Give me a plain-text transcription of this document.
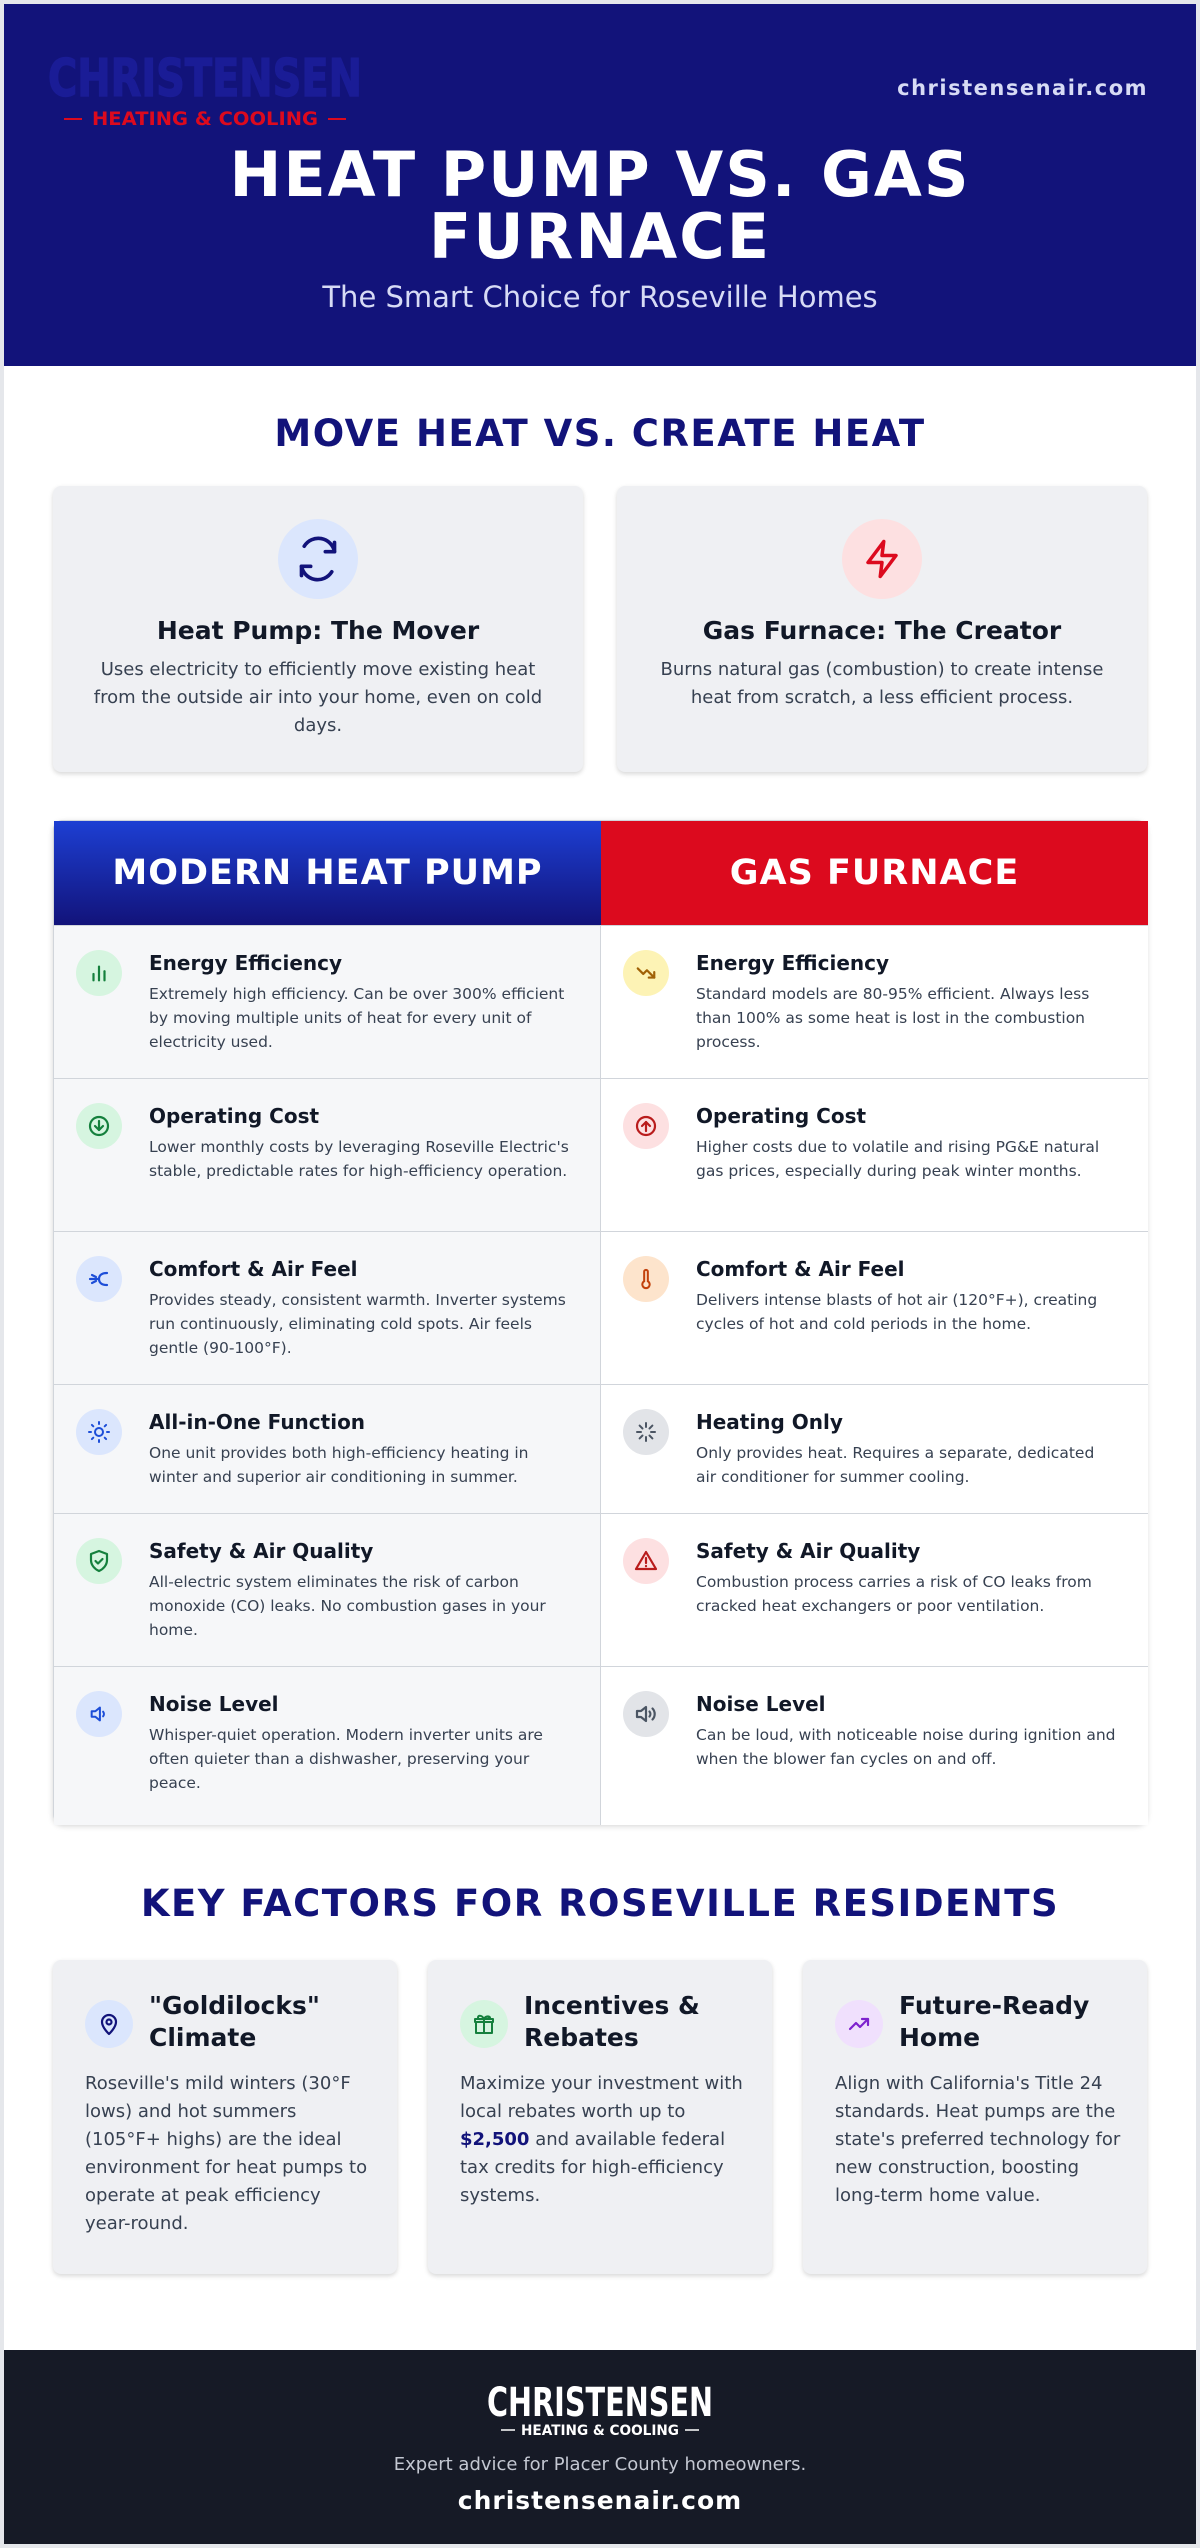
CHRISTENSEN
HEATING & COOLING
christensenair.com
HEAT PUMP VS. GAS
FURNACE
The Smart Choice for Roseville Homes
MOVE HEAT VS. CREATE HEAT
Heat Pump: The Mover
Uses electricity to efficiently move existing heat from the outside air into your home, even on cold days.
Gas Furnace: The Creator
Burns natural gas (combustion) to create intense heat from scratch, a less efficient process.
MODERN HEAT PUMP	GAS FURNACE
Energy Efficiency
Extremely high efficiency. Can be over 300% efficient by moving multiple units of heat for every unit of electricity used.
Energy Efficiency
Standard models are 80-95% efficient. Always less than 100% as some heat is lost in the combustion process.
Operating Cost
Lower monthly costs by leveraging Roseville Electric's stable, predictable rates for high-efficiency operation.
Operating Cost
Higher costs due to volatile and rising PG&E natural gas prices, especially during peak winter months.
Comfort & Air Feel
Provides steady, consistent warmth. Inverter systems run continuously, eliminating cold spots. Air feels gentle (90-100°F).
Comfort & Air Feel
Delivers intense blasts of hot air (120°F+), creating cycles of hot and cold periods in the home.
All-in-One Function
One unit provides both high-efficiency heating in winter and superior air conditioning in summer.
Heating Only
Only provides heat. Requires a separate, dedicated air conditioner for summer cooling.
Safety & Air Quality
All-electric system eliminates the risk of carbon monoxide (CO) leaks. No combustion gases in your home.
Safety & Air Quality
Combustion process carries a risk of CO leaks from cracked heat exchangers or poor ventilation.
Noise Level
Whisper-quiet operation. Modern inverter units are often quieter than a dishwasher, preserving your peace.
Noise Level
Can be loud, with noticeable noise during ignition and when the blower fan cycles on and off.
KEY FACTORS FOR ROSEVILLE RESIDENTS
"Goldilocks" Climate
Roseville's mild winters (30°F lows) and hot summers (105°F+ highs) are the ideal environment for heat pumps to operate at peak efficiency year-round.
Incentives & Rebates
Maximize your investment with local rebates worth up to $2,500 and available federal tax credits for high-efficiency systems.
Future-Ready Home
Align with California's Title 24 standards. Heat pumps are the state's preferred technology for new construction, boosting long-term home value.
CHRISTENSEN
HEATING & COOLING
Expert advice for Placer County homeowners.
christensenair.com
